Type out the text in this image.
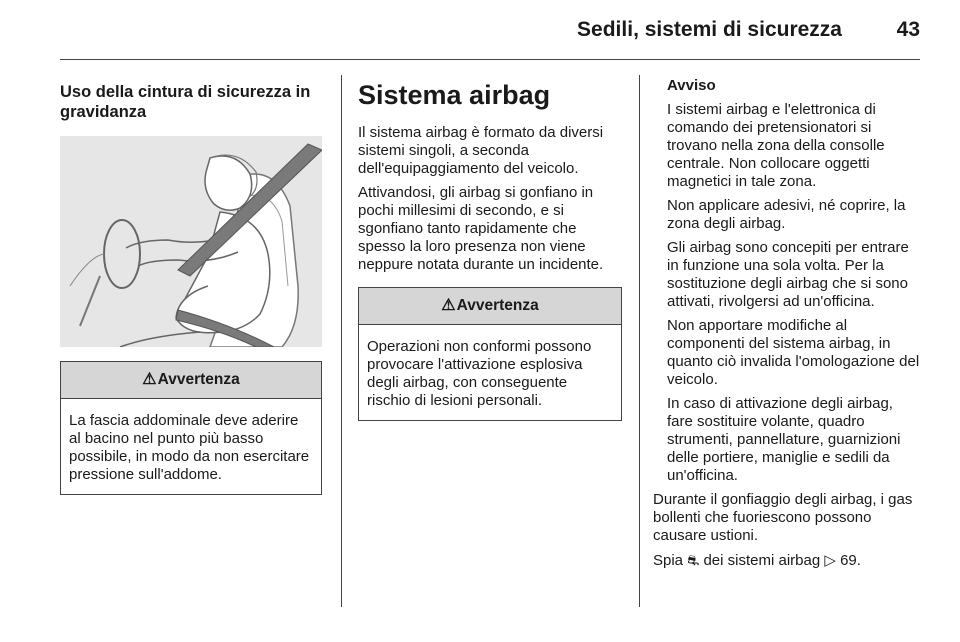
Sedili, sistemi di sicurezza	43
Uso della cintura di sicurezza in gravidanza
⚠ Avvertenza
La fascia addominale deve aderire al bacino nel punto più basso possibile, in modo da non esercitare pressione sull'addome.
Sistema airbag

Il sistema airbag è formato da diversi sistemi singoli, a seconda dell'equipaggiamento del veicolo.

Attivandosi, gli airbag si gonfiano in pochi millesimi di secondo, e si sgonfiano tanto rapidamente che spesso la loro presenza non viene neppure notata durante un incidente.

⚠ Avvertenza
Operazioni non conformi possono provocare l'attivazione esplosiva degli airbag, con conseguente rischio di lesioni personali.

Avviso

I sistemi airbag e l'elettronica di comando dei pretensionatori si trovano nella zona della consolle centrale. Non collocare oggetti magnetici in tale zona.

Non applicare adesivi, né coprire, la zona degli airbag.

Gli airbag sono concepiti per entrare in funzione una sola volta. Per la sostituzione degli airbag che si sono attivati, rivolgersi ad un'officina.

Non apportare modifiche al componenti del sistema airbag, in quanto ciò invalida l'omologazione del veicolo.

In caso di attivazione degli airbag, fare sostituire volante, quadro strumenti, pannellature, guarnizioni delle portiere, maniglie e sedili da un'officina.

Durante il gonfiaggio degli airbag, i gas bollenti che fuoriescono possono causare ustioni.

Spia ⛐ dei sistemi airbag ▷ 69.
